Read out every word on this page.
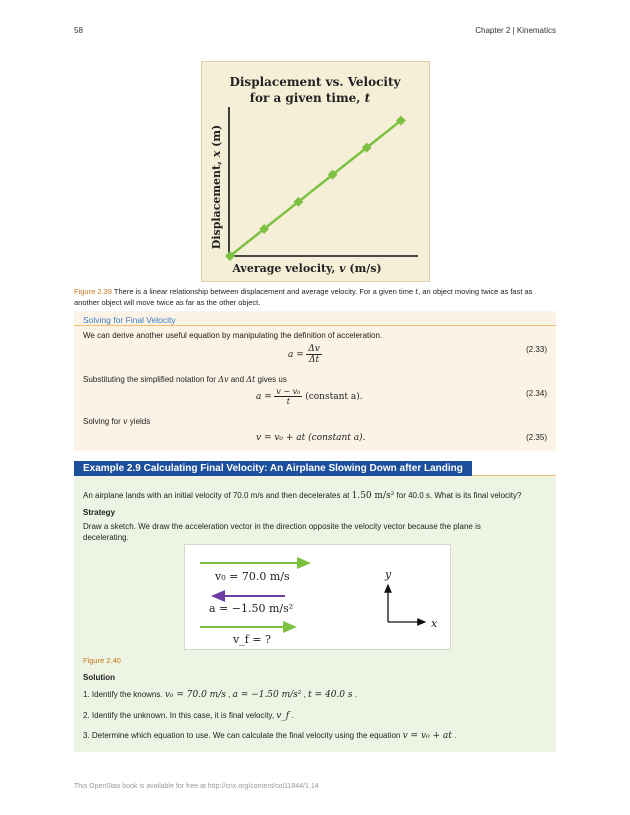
58	Chapter 2 | Kinematics
Displacement vs. Velocity
for a given time, t
Average velocity, v (m/s)
Displacement, x (m)
Figure 2.39 There is a linear relationship between displacement and average velocity. For a given time t, an object moving twice as fast as another object will move twice as far as the other object.
Solving for Final Velocity
We can derive another useful equation by manipulating the definition of acceleration.
$a = \frac{\Delta v}{\Delta t}$	(2.33)
Substituting the simplified notation for Δv and Δt gives us
$a = \frac{\text{v − v₀}}{t}$ (constant a).	(2.34)
Solving for v yields
v = v₀ + at (constant a).	(2.35)
An airplane lands with an initial velocity of 70.0 m/s and then decelerates at 1.50 m/s² for 40.0 s. What is its final velocity?
Strategy
Draw a sketch. We draw the acceleration vector in the direction opposite the velocity vector because the plane is decelerating.
v₀ = 70.0 m/s
a = −1.50 m/s²
v_f = ?
y
x
Figure 2.40
Solution
1. Identify the knowns. v₀ = 70.0 m/s , a = −1.50 m/s² , t = 40.0 s .
2. Identify the unknown. In this case, it is final velocity, v_f .
3. Determine which equation to use. We can calculate the final velocity using the equation v = v₀ + at .
Example 2.9 Calculating Final Velocity: An Airplane Slowing Down after Landing
This OpenStax book is available for free at http://cnx.org/content/col11844/1.14
